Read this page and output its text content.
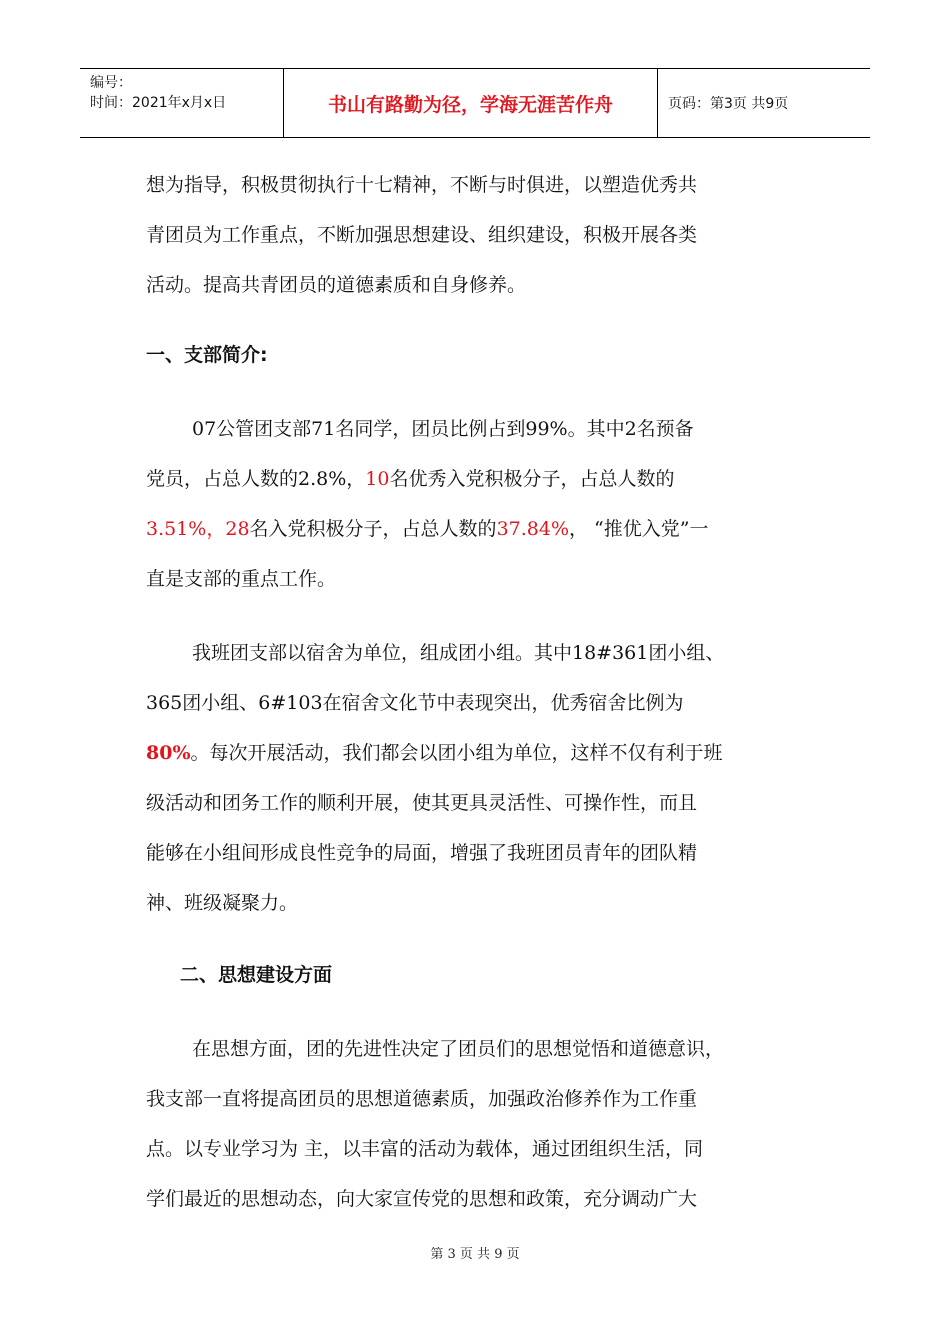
编号：
时间：2021年x月x日	书山有路勤为径，学海无涯苦作舟	页码：第3页 共9页

想为指导，积极贯彻执行十七精神，不断与时俱进，以塑造优秀共

青团员为工作重点，不断加强思想建设、组织建设，积极开展各类

活动。提高共青团员的道德素质和自身修养。

一、支部简介:

07公管团支部71名同学，团员比例占到99%。其中2名预备

党员，占总人数的2.8%，10名优秀入党积极分子，占总人数的

3.51%，28名入党积极分子，占总人数的37.84%， “推优入党”一

直是支部的重点工作。

我班团支部以宿舍为单位，组成团小组。其中18#361团小组、

365团小组、6#103在宿舍文化节中表现突出，优秀宿舍比例为

80%。每次开展活动，我们都会以团小组为单位，这样不仅有利于班

级活动和团务工作的顺利开展，使其更具灵活性、可操作性，而且

能够在小组间形成良性竞争的局面，增强了我班团员青年的团队精

神、班级凝聚力。

二、思想建设方面

在思想方面，团的先进性决定了团员们的思想觉悟和道德意识，

我支部一直将提高团员的思想道德素质，加强政治修养作为工作重

点。以专业学习为 主，以丰富的活动为载体，通过团组织生活，同

学们最近的思想动态，向大家宣传党的思想和政策，充分调动广大

第 3 页 共 9 页
